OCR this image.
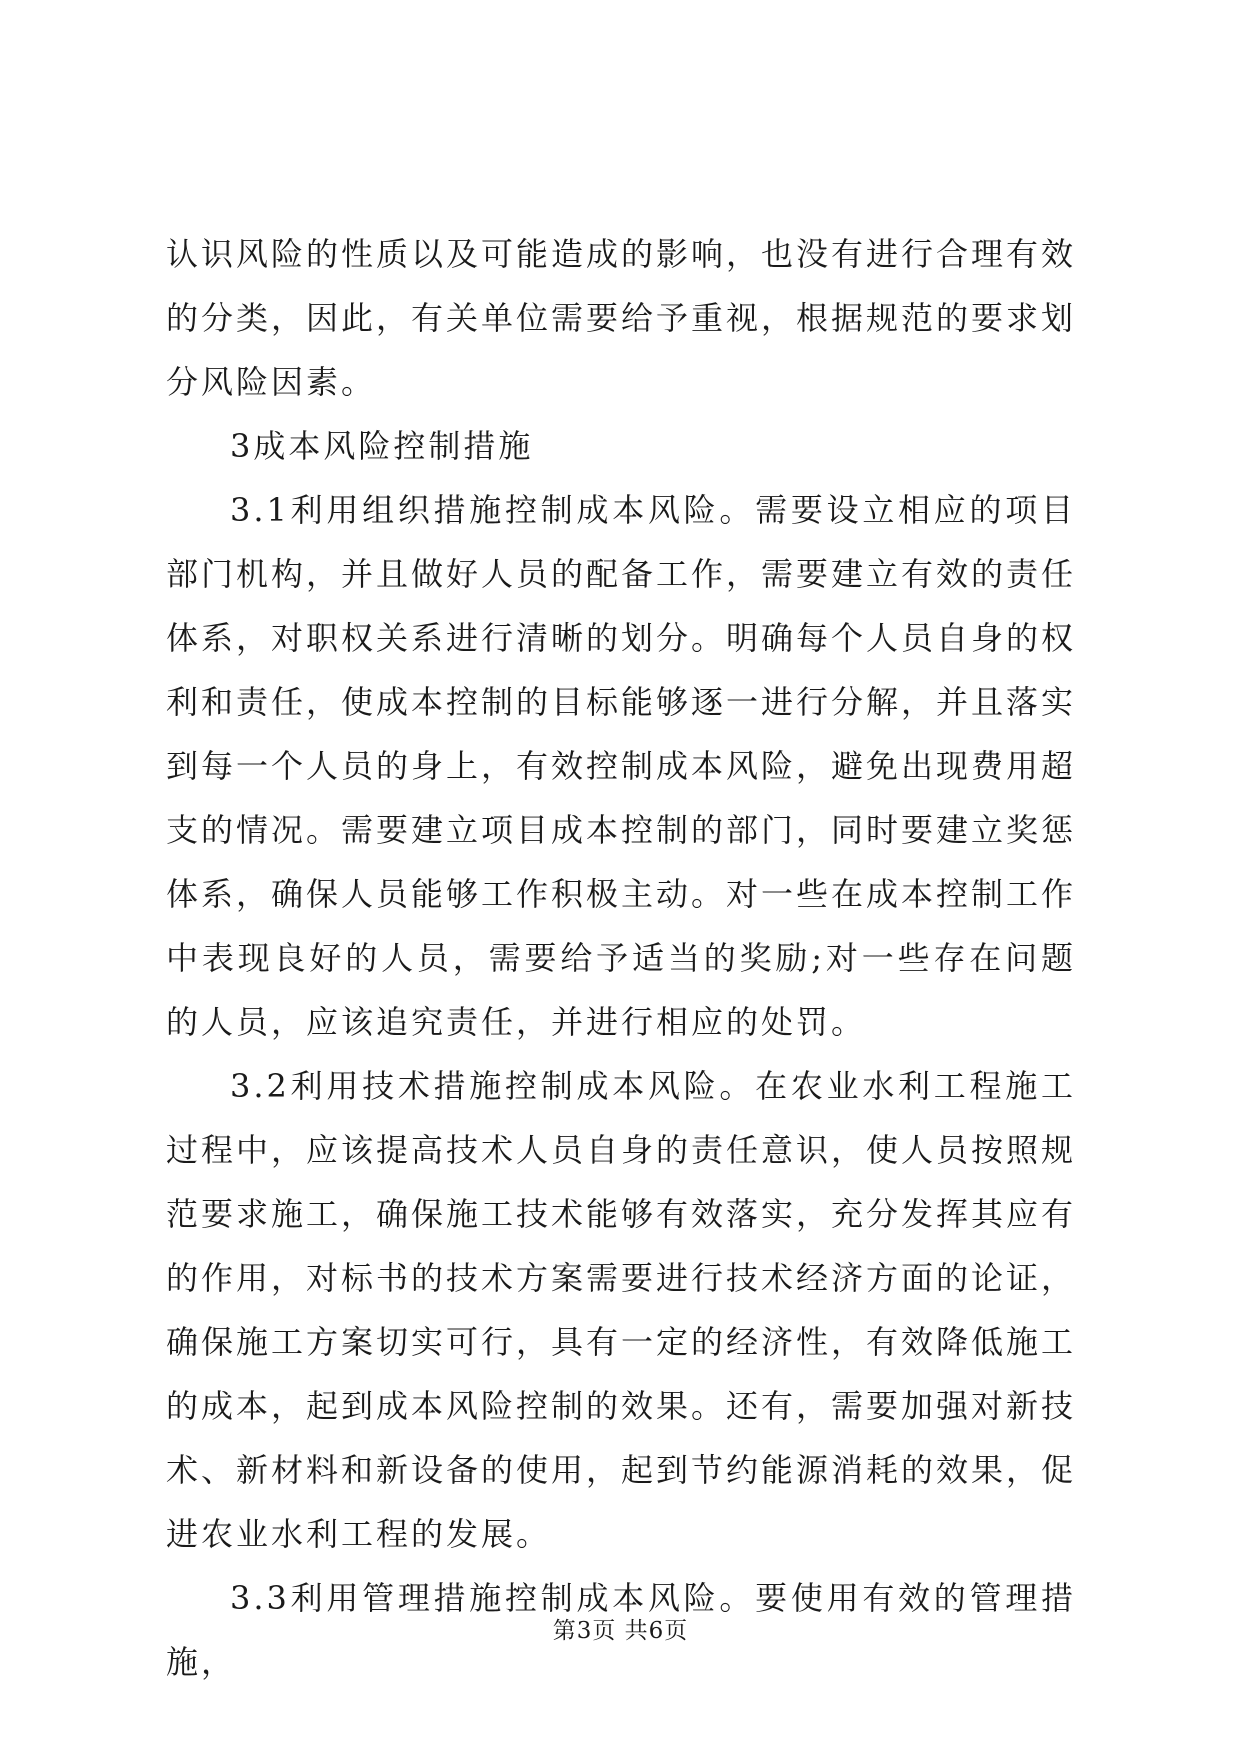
认识风险的性质以及可能造成的影响，也没有进行合理有效的分类，因此，有关单位需要给予重视，根据规范的要求划分风险因素。

3成本风险控制措施

3.1利用组织措施控制成本风险。需要设立相应的项目部门机构，并且做好人员的配备工作，需要建立有效的责任体系，对职权关系进行清晰的划分。明确每个人员自身的权利和责任，使成本控制的目标能够逐一进行分解，并且落实到每一个人员的身上，有效控制成本风险，避免出现费用超支的情况。需要建立项目成本控制的部门，同时要建立奖惩体系，确保人员能够工作积极主动。对一些在成本控制工作中表现良好的人员，需要给予适当的奖励;对一些存在问题的人员，应该追究责任，并进行相应的处罚。

3.2利用技术措施控制成本风险。在农业水利工程施工过程中，应该提高技术人员自身的责任意识，使人员按照规范要求施工，确保施工技术能够有效落实，充分发挥其应有的作用，对标书的技术方案需要进行技术经济方面的论证，确保施工方案切实可行，具有一定的经济性，有效降低施工的成本，起到成本风险控制的效果。还有，需要加强对新技术、新材料和新设备的使用，起到节约能源消耗的效果，促进农业水利工程的发展。

3.3利用管理措施控制成本风险。要使用有效的管理措施，

第3页 共6页
